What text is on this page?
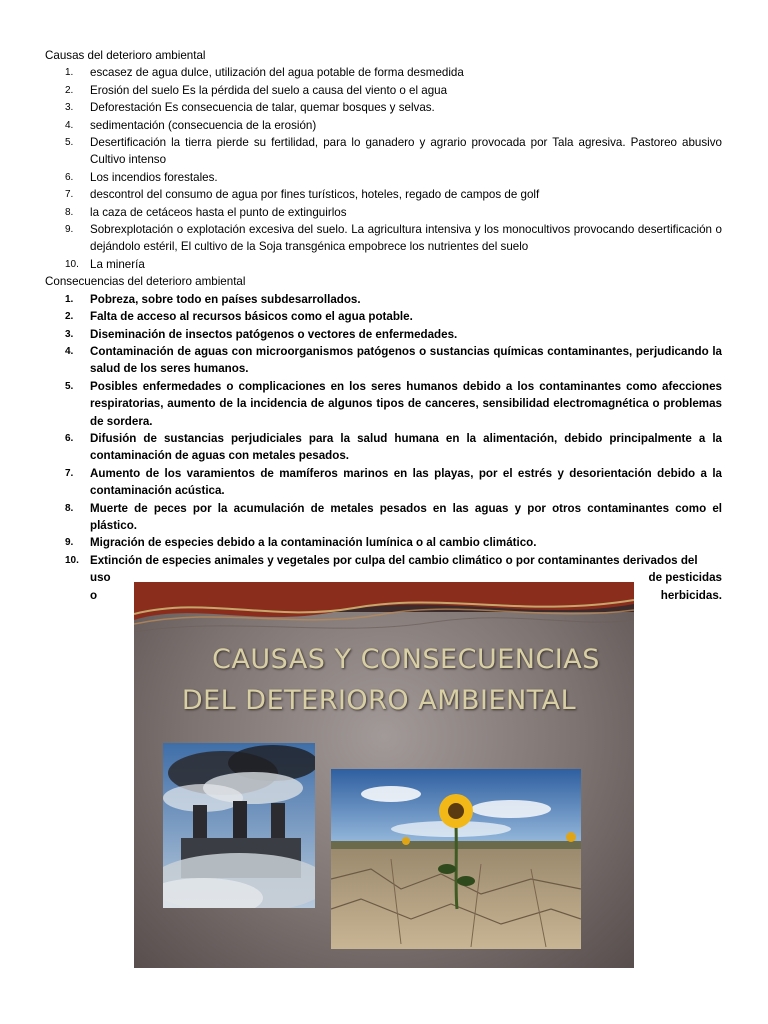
Causas del deterioro ambiental
1. escasez de agua dulce, utilización del agua potable de forma desmedida
2. Erosión del suelo Es la pérdida del suelo a causa del viento o el agua
3. Deforestación Es consecuencia de talar, quemar bosques y selvas.
4. sedimentación (consecuencia de la erosión)
5. Desertificación la tierra pierde su fertilidad, para lo ganadero y agrario provocada por Tala agresiva. Pastoreo abusivo Cultivo intenso
6. Los incendios forestales.
7. descontrol del consumo de agua por fines turísticos, hoteles, regado de campos de golf
8. la caza de cetáceos hasta el punto de extinguirlos
9. Sobrexplotación o explotación excesiva del suelo. La agricultura intensiva y los monocultivos provocando desertificación o dejándolo estéril, El cultivo de la Soja transgénica empobrece los nutrientes del suelo
10. La minería
Consecuencias del deterioro ambiental
1. Pobreza, sobre todo en países subdesarrollados.
2. Falta de acceso al recursos básicos como el agua potable.
3. Diseminación de insectos patógenos o vectores de enfermedades.
4. Contaminación de aguas con microorganismos patógenos o sustancias químicas contaminantes, perjudicando la salud de los seres humanos.
5. Posibles enfermedades o complicaciones en los seres humanos debido a los contaminantes como afecciones respiratorias, aumento de la incidencia de algunos tipos de canceres, sensibilidad electromagnética o problemas de sordera.
6. Difusión de sustancias perjudiciales para la salud humana en la alimentación, debido principalmente a la contaminación de aguas con metales pesados.
7. Aumento de los varamientos de mamíferos marinos en las playas, por el estrés y desorientación debido a la contaminación acústica.
8. Muerte de peces por la acumulación de metales pesados en las aguas y por otros contaminantes como el plástico.
9. Migración de especies debido a la contaminación lumínica o al cambio climático.
10. Extinción de especies animales y vegetales por culpa del cambio climático o por contaminantes derivados del
uso	de pesticidas
o	herbicidas.
CAUSAS Y CONSECUENCIAS
DEL DETERIORO AMBIENTAL
